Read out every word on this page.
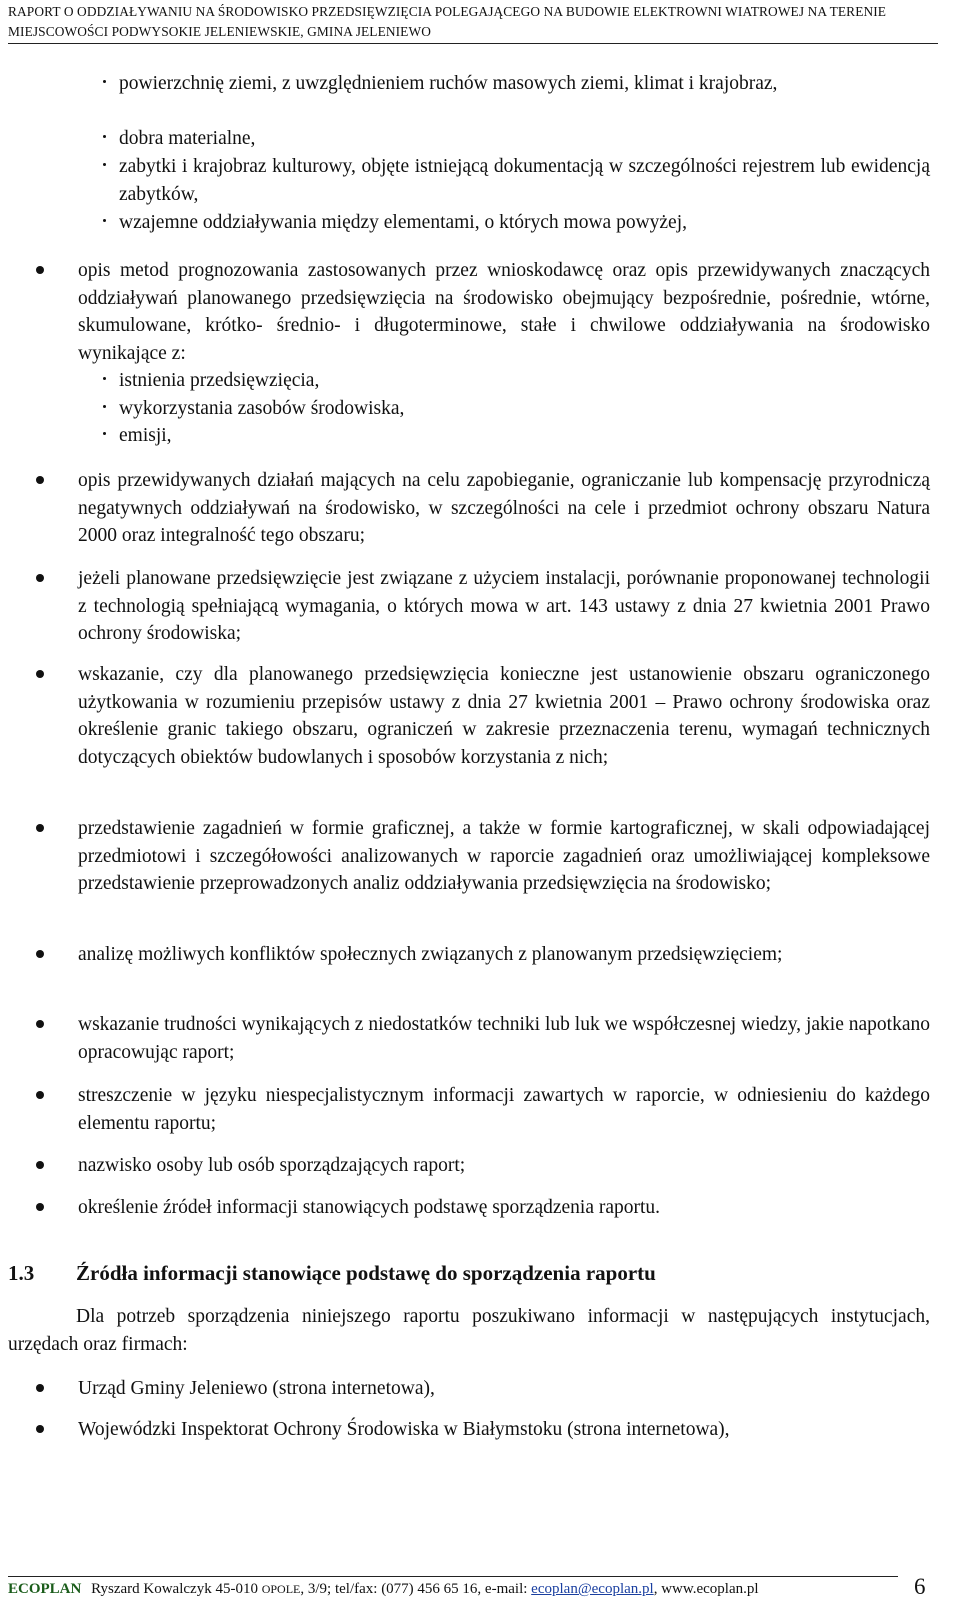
RAPORT O ODDZIAŁYWANIU NA ŚRODOWISKO PRZEDSIĘWZIĘCIA POLEGAJĄCEGO NA BUDOWIE ELEKTROWNI WIATROWEJ NA TERENIE
MIEJSCOWOŚCI PODWYSOKIE JELENIEWSKIE, GMINA JELENIEWO
powierzchnię ziemi, z uwzględnieniem ruchów masowych ziemi, klimat i krajobraz,
dobra materialne,
zabytki i krajobraz kulturowy, objęte istniejącą dokumentacją w szczególności rejestrem lub ewidencją zabytków,
wzajemne oddziaływania między elementami, o których mowa powyżej,
opis metod prognozowania zastosowanych przez wnioskodawcę oraz opis przewidywanych znaczących oddziaływań planowanego przedsięwzięcia na środowisko obejmujący bezpośrednie, pośrednie, wtórne, skumulowane, krótko- średnio- i długoterminowe, stałe i chwilowe oddziaływania na środowisko wynikające z:
istnienia przedsięwzięcia,
wykorzystania zasobów środowiska,
emisji,
opis przewidywanych działań mających na celu zapobieganie, ograniczanie lub kompensację przyrodniczą negatywnych oddziaływań na środowisko, w szczególności na cele i przedmiot ochrony obszaru Natura 2000 oraz integralność tego obszaru;
jeżeli planowane przedsięwzięcie jest związane z użyciem instalacji, porównanie proponowanej technologii z technologią spełniającą wymagania, o których mowa w art. 143 ustawy z dnia 27 kwietnia 2001 Prawo ochrony środowiska;
wskazanie, czy dla planowanego przedsięwzięcia konieczne jest ustanowienie obszaru ograniczonego użytkowania w rozumieniu przepisów ustawy z dnia 27 kwietnia 2001 – Prawo ochrony środowiska oraz określenie granic takiego obszaru, ograniczeń w zakresie przeznaczenia terenu, wymagań technicznych dotyczących obiektów budowlanych i sposobów korzystania z nich;
przedstawienie zagadnień w formie graficznej, a także w formie kartograficznej, w skali odpowiadającej przedmiotowi i szczegółowości analizowanych w raporcie zagadnień oraz umożliwiającej kompleksowe przedstawienie przeprowadzonych analiz oddziaływania przedsięwzięcia na środowisko;
analizę możliwych konfliktów społecznych związanych z planowanym przedsięwzięciem;
wskazanie trudności wynikających z niedostatków techniki lub luk we współczesnej wiedzy, jakie napotkano opracowując raport;
streszczenie w języku niespecjalistycznym informacji zawartych w raporcie, w odniesieniu do każdego elementu raportu;
nazwisko osoby lub osób sporządzających raport;
określenie źródeł informacji stanowiących podstawę sporządzenia raportu.
1.3 Źródła informacji stanowiące podstawę do sporządzenia raportu
Dla potrzeb sporządzenia niniejszego raportu poszukiwano informacji w następujących instytucjach, urzędach oraz firmach:
Urząd Gminy Jeleniewo (strona internetowa),
Wojewódzki Inspektorat Ochrony Środowiska w Białymstoku (strona internetowa),
ECOPLAN Ryszard Kowalczyk 45-010 OPOLE, 3/9; tel/fax: (077) 456 65 16, e-mail: ecoplan@ecoplan.pl, www.ecoplan.pl	6
